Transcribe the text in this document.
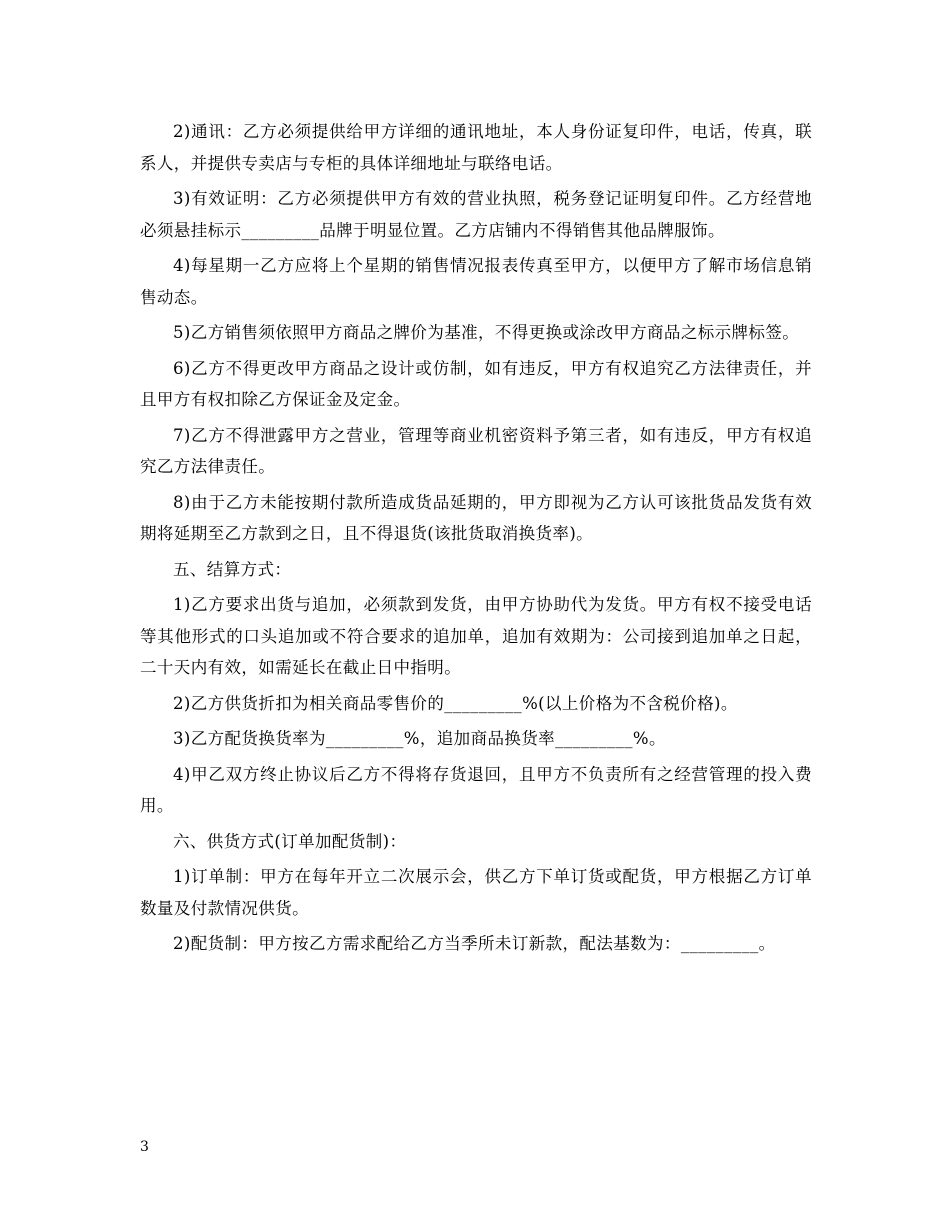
2)通讯：乙方必须提供给甲方详细的通讯地址，本人身份证复印件，电话，传真，联系人，并提供专卖店与专柜的具体详细地址与联络电话。

3)有效证明：乙方必须提供甲方有效的营业执照，税务登记证明复印件。乙方经营地必须悬挂标示_________品牌于明显位置。乙方店铺内不得销售其他品牌服饰。

4)每星期一乙方应将上个星期的销售情况报表传真至甲方，以便甲方了解市场信息销售动态。

5)乙方销售须依照甲方商品之牌价为基准，不得更换或涂改甲方商品之标示牌标签。

6)乙方不得更改甲方商品之设计或仿制，如有违反，甲方有权追究乙方法律责任，并且甲方有权扣除乙方保证金及定金。

7)乙方不得泄露甲方之营业，管理等商业机密资料予第三者，如有违反，甲方有权追究乙方法律责任。

8)由于乙方未能按期付款所造成货品延期的，甲方即视为乙方认可该批货品发货有效期将延期至乙方款到之日，且不得退货(该批货取消换货率)。

五、结算方式：

1)乙方要求出货与追加，必须款到发货，由甲方协助代为发货。甲方有权不接受电话等其他形式的口头追加或不符合要求的追加单，追加有效期为：公司接到追加单之日起，二十天内有效，如需延长在截止日中指明。

2)乙方供货折扣为相关商品零售价的_________%(以上价格为不含税价格)。

3)乙方配货换货率为_________%，追加商品换货率_________%。

4)甲乙双方终止协议后乙方不得将存货退回，且甲方不负责所有之经营管理的投入费用。

六、供货方式(订单加配货制)：

1)订单制：甲方在每年开立二次展示会，供乙方下单订货或配货，甲方根据乙方订单数量及付款情况供货。

2)配货制：甲方按乙方需求配给乙方当季所未订新款，配法基数为：_________。

3
